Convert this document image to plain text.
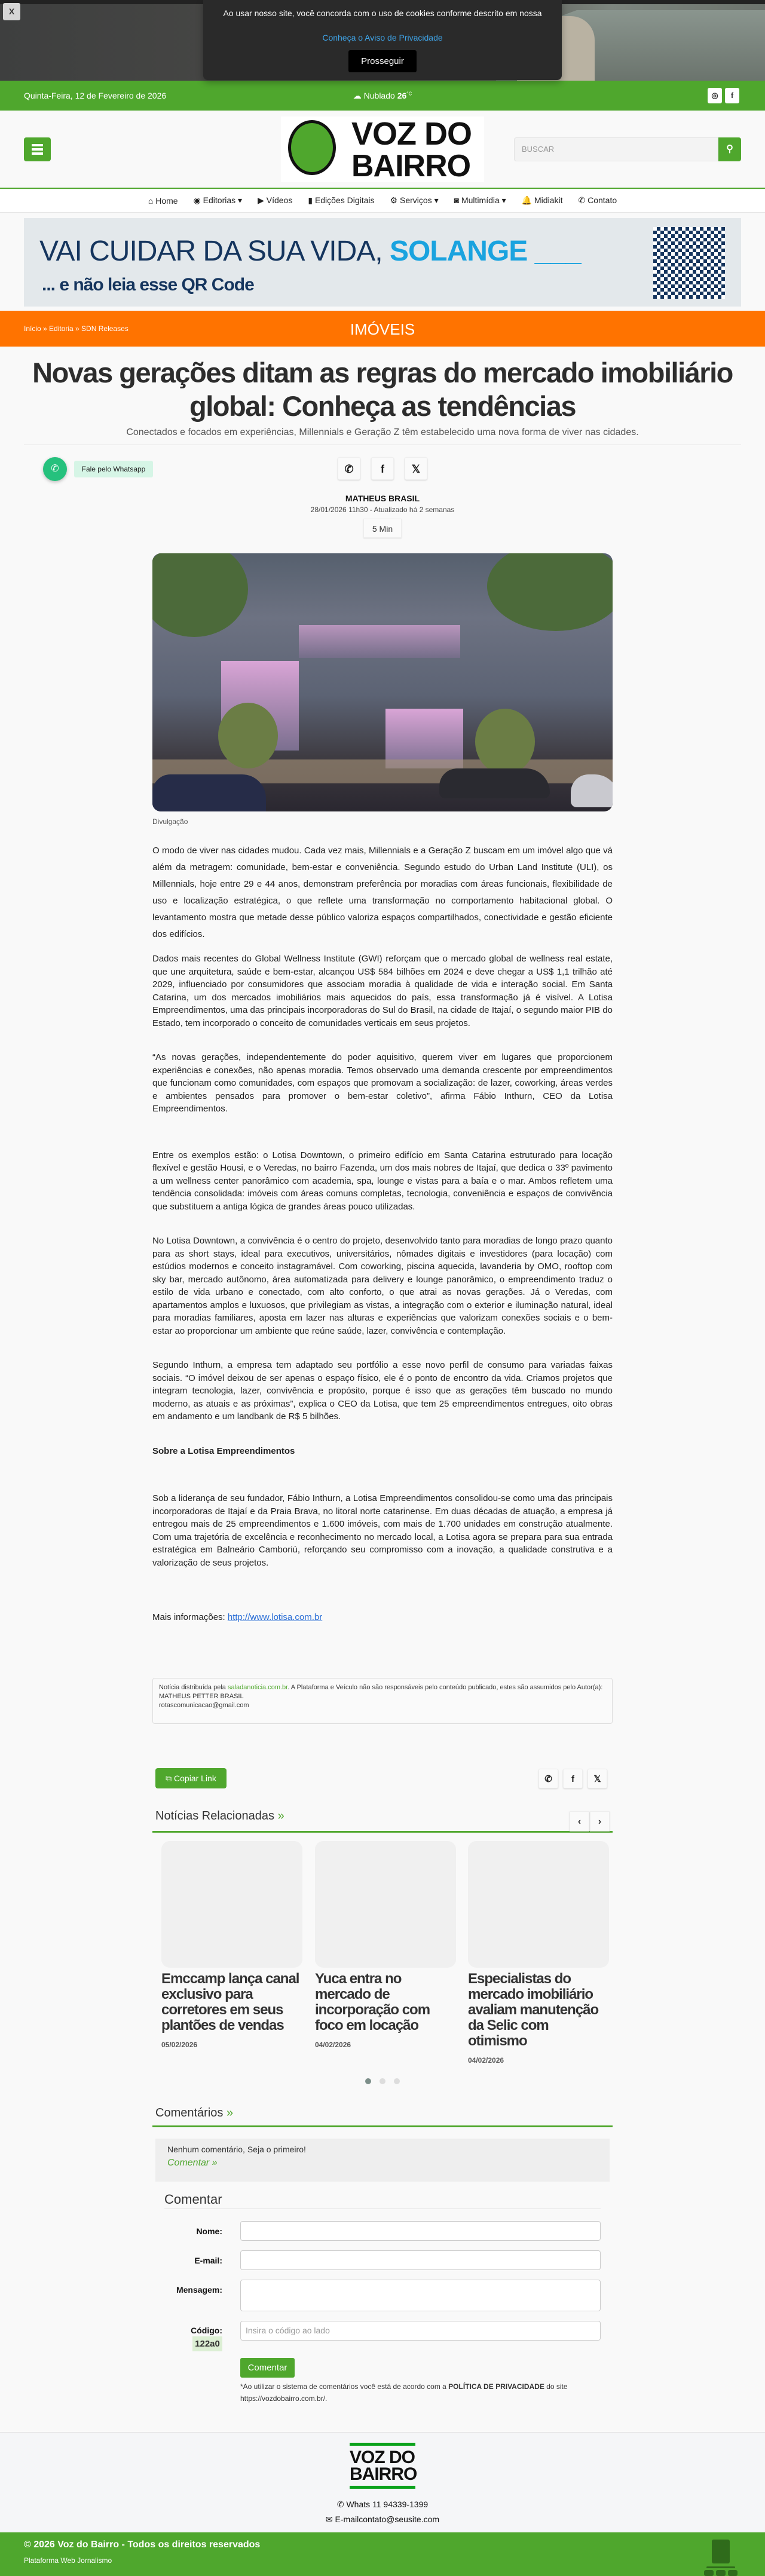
X
Quinta-Feira, 12 de Fevereiro de 2026	☁ Nublado $26^{^\circ C}$	◎	f
VOZ DO
BAIRRO	BUSCAR	⚲
⌂ Home ◉ Editorias ▾ ▶ Vídeos ▮ Edições Digitais ⚙ Serviços ▾ ◙ Multimídia ▾ 🔔 Midiakit ✆ Contato
VAI CUIDAR DA SUA VIDA, SOLANGE ___
... e não leia esse QR Code
Início » Editoria » SDN Releases	IMÓVEIS
Novas gerações ditam as regras do mercado imobiliário global: Conheça as tendências
Conectados e focados em experiências, Millennials e Geração Z têm estabelecido uma nova forma de viver nas cidades.
✆	f	𝕏
MATHEUS BRASIL
28/01/2026 11h30 - Atualizado há 2 semanas
5 Min
Divulgação

O modo de viver nas cidades mudou. Cada vez mais, Millennials e a Geração Z buscam em um imóvel algo que vá além da metragem: comunidade, bem-estar e conveniência. Segundo estudo do Urban Land Institute (ULI), os Millennials, hoje entre 29 e 44 anos, demonstram preferência por moradias com áreas funcionais, flexibilidade de uso e localização estratégica, o que reflete uma transformação no comportamento habitacional global. O levantamento mostra que metade desse público valoriza espaços compartilhados, conectividade e gestão eficiente dos edifícios.

Dados mais recentes do Global Wellness Institute (GWI) reforçam que o mercado global de wellness real estate, que une arquitetura, saúde e bem-estar, alcançou US$ 584 bilhões em 2024 e deve chegar a US$ 1,1 trilhão até 2029, influenciado por consumidores que associam moradia à qualidade de vida e interação social. Em Santa Catarina, um dos mercados imobiliários mais aquecidos do país, essa transformação já é visível. A Lotisa Empreendimentos, uma das principais incorporadoras do Sul do Brasil, na cidade de Itajaí, o segundo maior PIB do Estado, tem incorporado o conceito de comunidades verticais em seus projetos.

“As novas gerações, independentemente do poder aquisitivo, querem viver em lugares que proporcionem experiências e conexões, não apenas moradia. Temos observado uma demanda crescente por empreendimentos que funcionam como comunidades, com espaços que promovam a socialização: de lazer, coworking, áreas verdes e ambientes pensados para promover o bem-estar coletivo”, afirma Fábio Inthurn, CEO da Lotisa Empreendimentos.

Entre os exemplos estão: o Lotisa Downtown, o primeiro edifício em Santa Catarina estruturado para locação flexível e gestão Housi, e o Veredas, no bairro Fazenda, um dos mais nobres de Itajaí, que dedica o 33º pavimento a um wellness center panorâmico com academia, spa, lounge e vistas para a baía e o mar. Ambos refletem uma tendência consolidada: imóveis com áreas comuns completas, tecnologia, conveniência e espaços de convivência que substituem a antiga lógica de grandes áreas pouco utilizadas.

No Lotisa Downtown, a convivência é o centro do projeto, desenvolvido tanto para moradias de longo prazo quanto para as short stays, ideal para executivos, universitários, nômades digitais e investidores (para locação) com estúdios modernos e conceito instagramável. Com coworking, piscina aquecida, lavanderia by OMO, rooftop com sky bar, mercado autônomo, área automatizada para delivery e lounge panorâmico, o empreendimento traduz o estilo de vida urbano e conectado, com alto conforto, o que atrai as novas gerações. Já o Veredas, com apartamentos amplos e luxuosos, que privilegiam as vistas, a integração com o exterior e iluminação natural, ideal para moradias familiares, aposta em lazer nas alturas e experiências que valorizam conexões sociais e o bem-estar ao proporcionar um ambiente que reúne saúde, lazer, convivência e contemplação.

Segundo Inthurn, a empresa tem adaptado seu portfólio a esse novo perfil de consumo para variadas faixas sociais. “O imóvel deixou de ser apenas o espaço físico, ele é o ponto de encontro da vida. Criamos projetos que integram tecnologia, lazer, convivência e propósito, porque é isso que as gerações têm buscado no mundo moderno, as atuais e as próximas”, explica o CEO da Lotisa, que tem 25 empreendimentos entregues, oito obras em andamento e um landbank de R$ 5 bilhões.

Sobre a Lotisa Empreendimentos

Sob a liderança de seu fundador, Fábio Inthurn, a Lotisa Empreendimentos consolidou-se como uma das principais incorporadoras de Itajaí e da Praia Brava, no litoral norte catarinense. Em duas décadas de atuação, a empresa já entregou mais de 25 empreendimentos e 1.600 imóveis, com mais de 1.700 unidades em construção atualmente. Com uma trajetória de excelência e reconhecimento no mercado local, a Lotisa agora se prepara para sua entrada estratégica em Balneário Camboriú, reforçando seu compromisso com a inovação, a qualidade construtiva e a valorização de seus projetos.

Mais informações: http://www.lotisa.com.br

Notícia distribuída pela saladanoticia.com.br. A Plataforma e Veículo não são responsáveis pelo conteúdo publicado, estes são assumidos pelo Autor(a):
MATHEUS PETTER BRASIL
rotascomunicacao@gmail.com
⧉ Copiar Link	✆	f	𝕏
Notícias Relacionadas »	‹	›
Emccamp lança canal exclusivo para corretores em seus plantões de vendas
05/02/2026
Yuca entra no mercado de incorporação com foco em locação
04/02/2026
Especialistas do mercado imobiliário avaliam manutenção da Selic com otimismo
04/02/2026
Comentários »
Nenhum comentário, Seja o primeiro!
Comentar »
Comentar
Nome:
E-mail:
Mensagem:
Código:
122a0
Insira o código ao lado
Comentar
*Ao utilizar o sistema de comentários você está de acordo com a POLÍTICA DE PRIVACIDADE do site https://vozdobairro.com.br/.
VOZ DO
BAIRRO
✆ Whats 11 94339-1399
✉ E-mailcontato@seusite.com
© 2026 Voz do Bairro - Todos os direitos reservados
Plataforma Web Jornalismo
✆	Fale pelo Whatsapp
Ao usar nosso site, você concorda com o uso de cookies conforme descrito em nossa
Conheça o Aviso de Privacidade
Prosseguir
